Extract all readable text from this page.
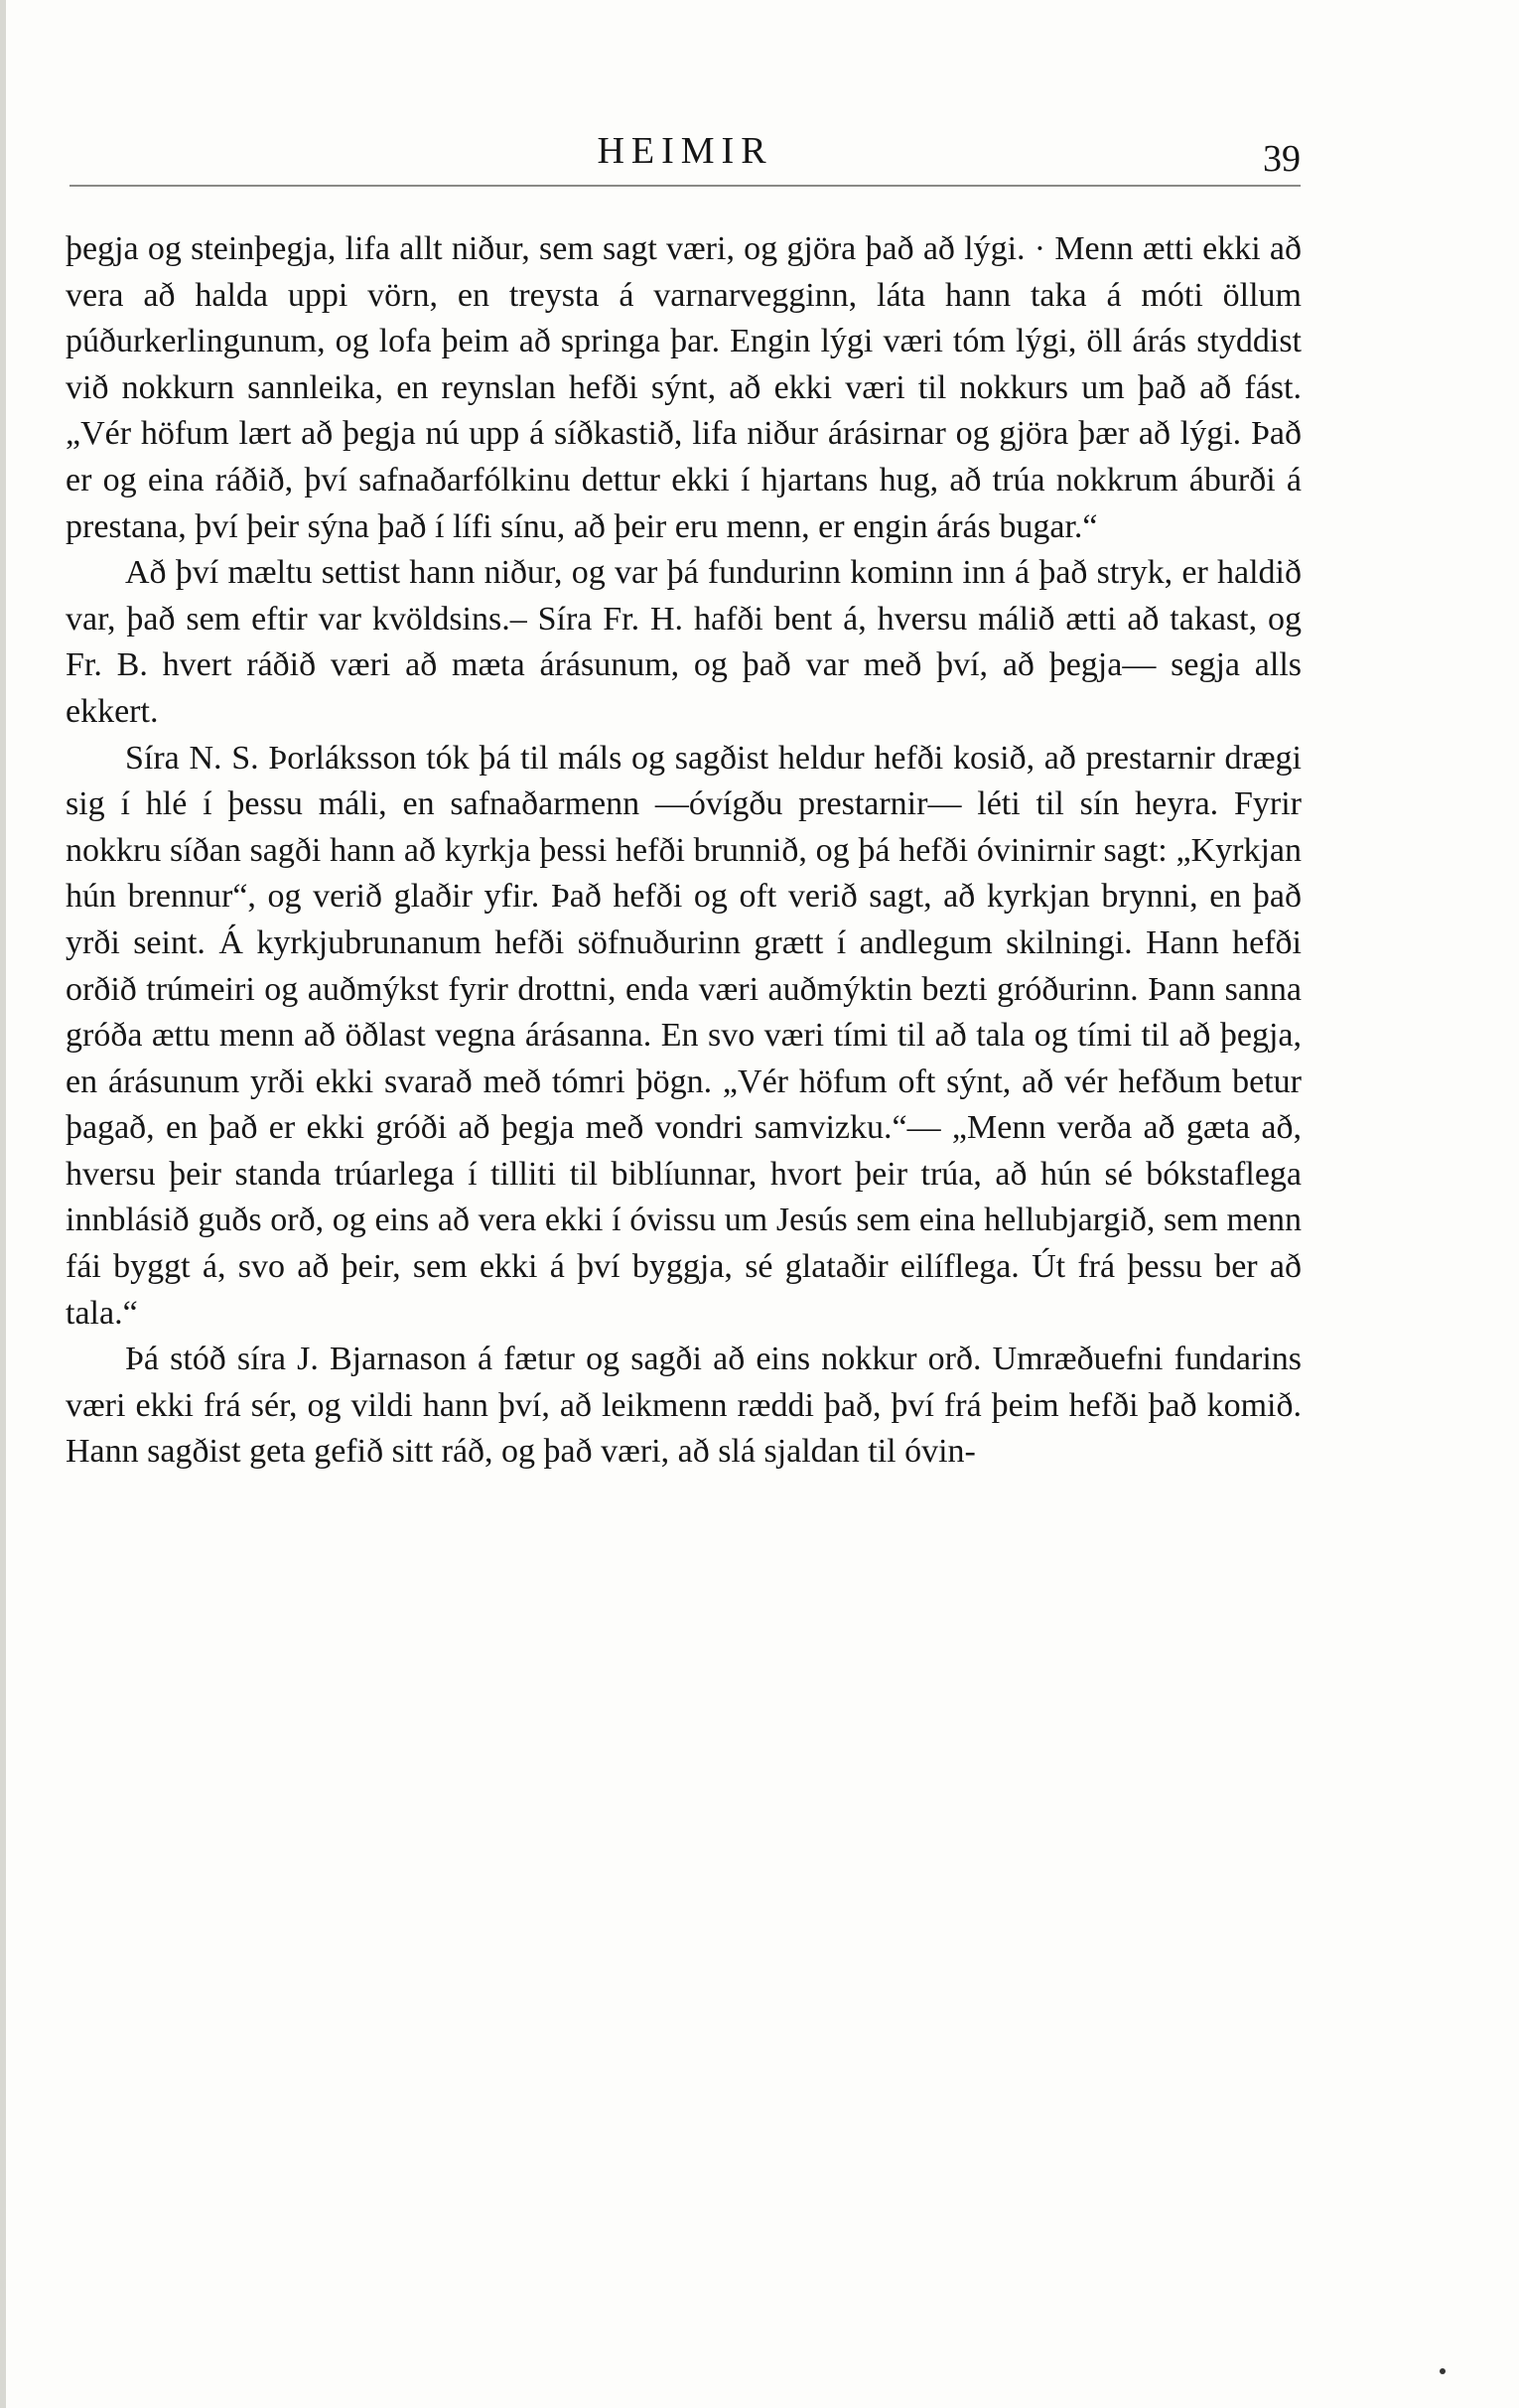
HEIMIR	39

þegja og steinþegja, lifa allt niður, sem sagt væri, og gjöra það að lýgi. · Menn ætti ekki að vera að halda uppi vörn, en treysta á varnarvegginn, láta hann taka á móti öllum púðurkerlingunum, og lofa þeim að springa þar. Engin lýgi væri tóm lýgi, öll árás styddist við nokkurn sannleika, en reynslan hefði sýnt, að ekki væri til nokkurs um það að fást. „Vér höfum lært að þegja nú upp á síðkastið, lifa niður árásirnar og gjöra þær að lýgi. Það er og eina ráðið, því safnaðarfólkinu dettur ekki í hjartans hug, að trúa nokkrum áburði á prestana, því þeir sýna það í lífi sínu, að þeir eru menn, er engin árás bugar.“

Að því mæltu settist hann niður, og var þá fundurinn kominn inn á það stryk, er haldið var, það sem eftir var kvöldsins.– Síra Fr. H. hafði bent á, hversu málið ætti að takast, og Fr. B. hvert ráðið væri að mæta árásunum, og það var með því, að þegja— segja alls ekkert.

Síra N. S. Þorláksson tók þá til máls og sagðist heldur hefði kosið, að prestarnir drægi sig í hlé í þessu máli, en safnaðarmenn —óvígðu prestarnir— léti til sín heyra. Fyrir nokkru síðan sagði hann að kyrkja þessi hefði brunnið, og þá hefði óvinirnir sagt: „Kyrkjan hún brennur“, og verið glaðir yfir. Það hefði og oft verið sagt, að kyrkjan brynni, en það yrði seint. Á kyrkjubrunanum hefði söfnuðurinn grætt í andlegum skilningi. Hann hefði orðið trúmeiri og auðmýkst fyrir drottni, enda væri auðmýktin bezti gróðurinn. Þann sanna gróða ættu menn að öðlast vegna árásanna. En svo væri tími til að tala og tími til að þegja, en árásunum yrði ekki svarað með tómri þögn. „Vér höfum oft sýnt, að vér hefðum betur þagað, en það er ekki gróði að þegja með vondri samvizku.“— „Menn verða að gæta að, hversu þeir standa trúarlega í tilliti til biblíunnar, hvort þeir trúa, að hún sé bókstaflega innblásið guðs orð, og eins að vera ekki í óvissu um Jesús sem eina hellubjargið, sem menn fái byggt á, svo að þeir, sem ekki á því byggja, sé glataðir eilíflega. Út frá þessu ber að tala.“

Þá stóð síra J. Bjarnason á fætur og sagði að eins nokkur orð. Umræðuefni fundarins væri ekki frá sér, og vildi hann því, að leikmenn ræddi það, því frá þeim hefði það komið. Hann sagðist geta gefið sitt ráð, og það væri, að slá sjaldan til óvin-
